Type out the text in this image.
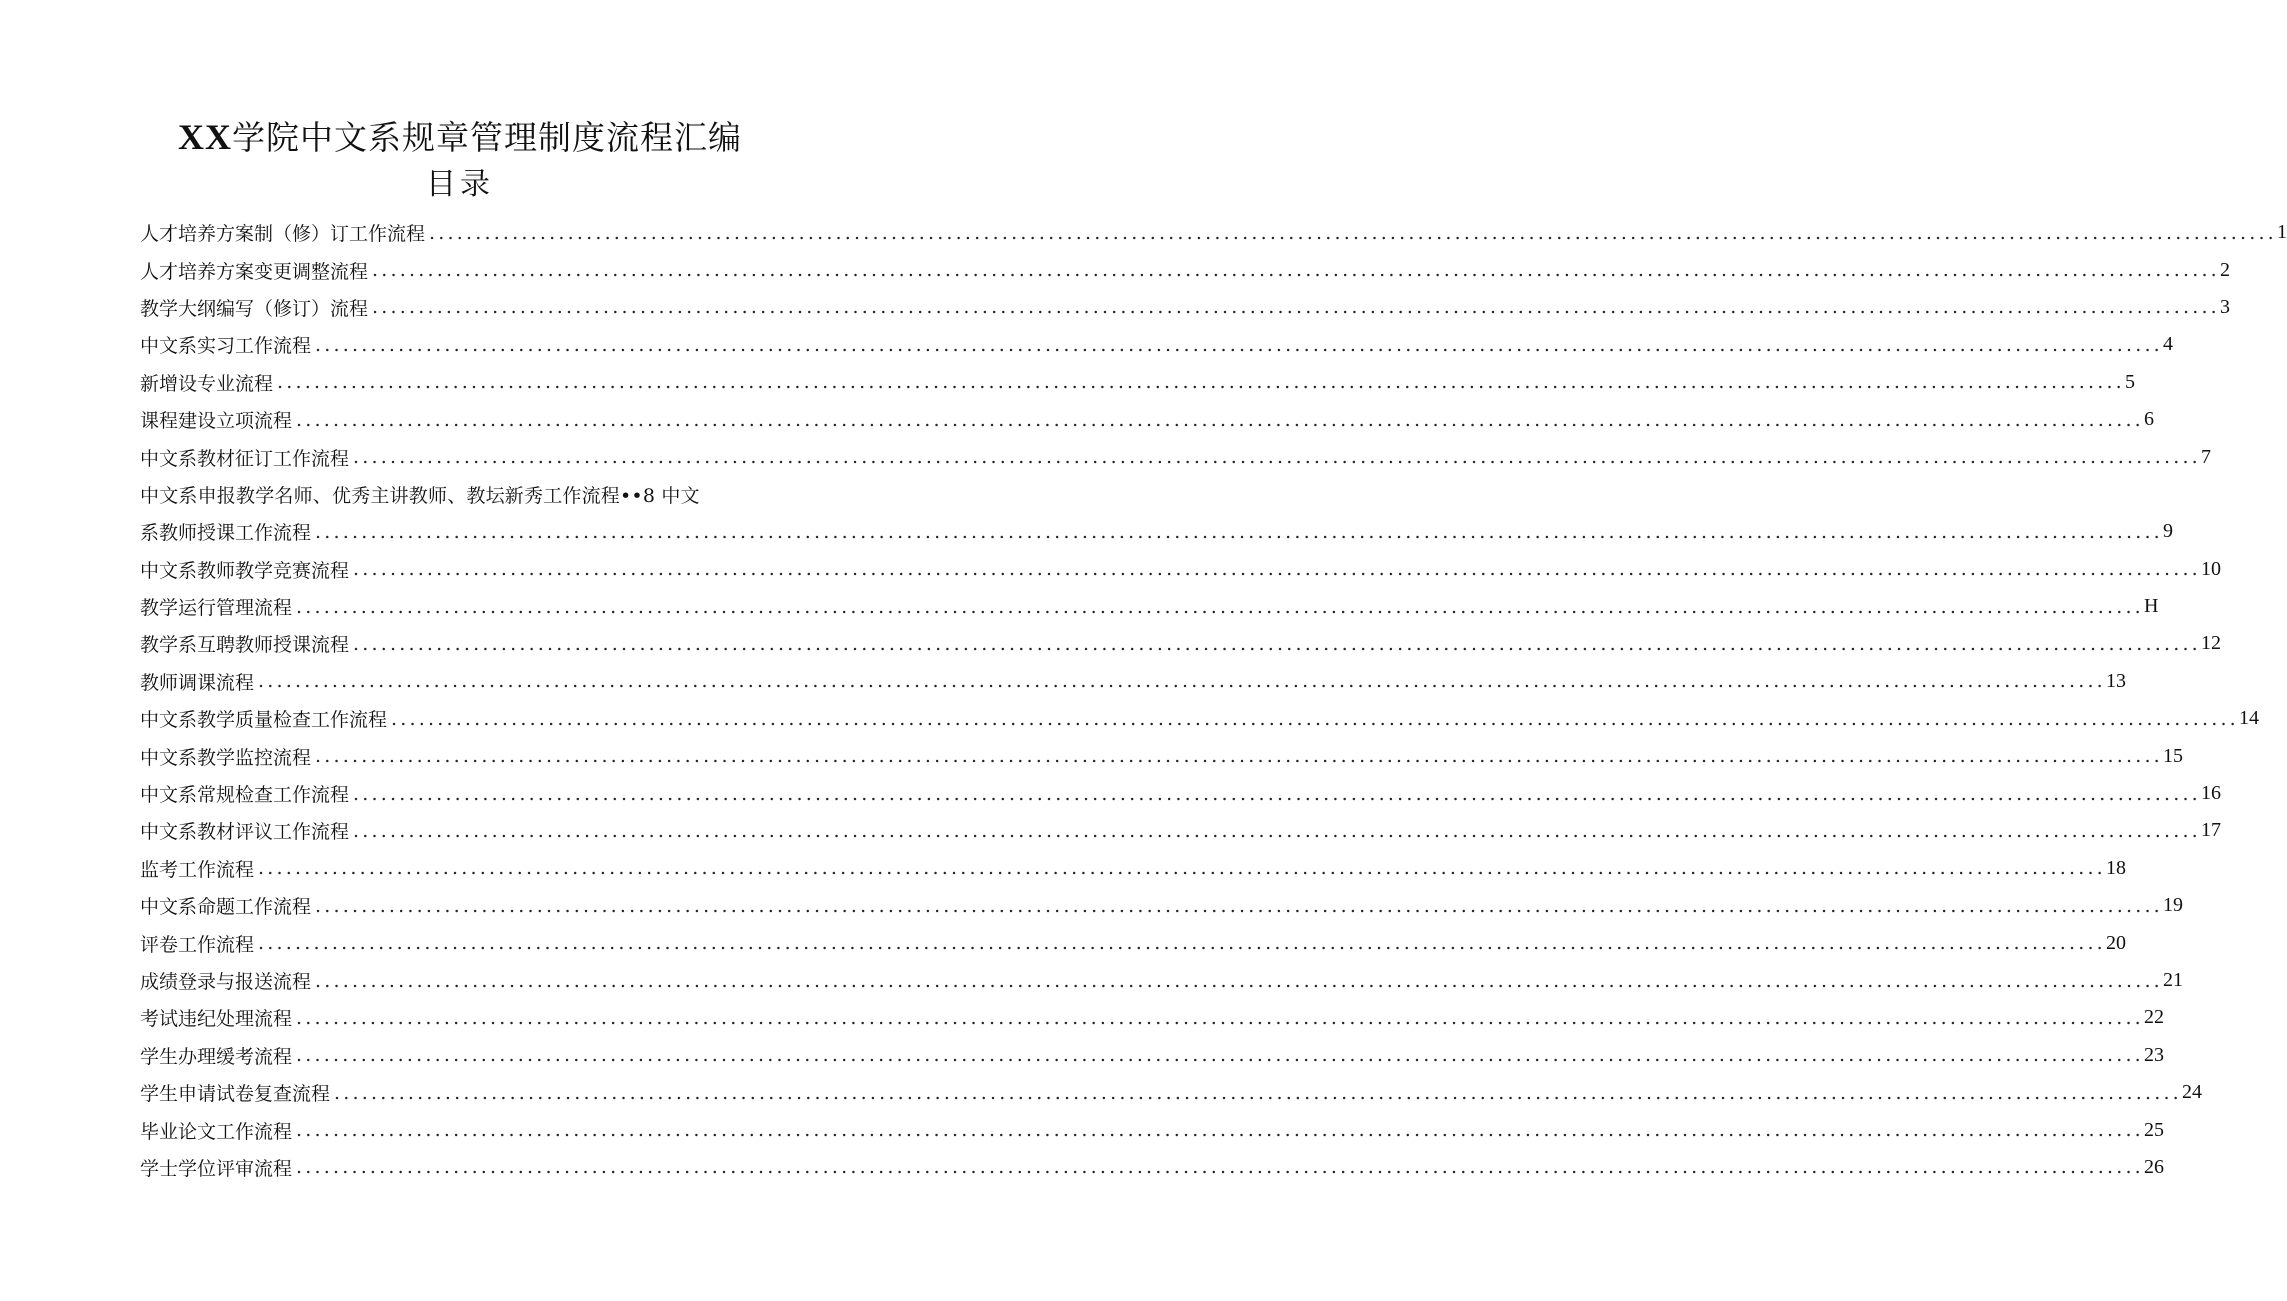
XX学院中文系规章管理制度流程汇编
目录
人才培养方案制（修）订工作流程 ........................................................................................................................................................................................................ 1
人才培养方案变更调整流程 ........................................................................................................................................................................................................ 2
教学大纲编写（修订）流程 ........................................................................................................................................................................................................ 3
中文系实习工作流程 ........................................................................................................................................................................................................ 4
新增设专业流程 ........................................................................................................................................................................................................ 5
课程建设立项流程 ........................................................................................................................................................................................................ 6
中文系教材征订工作流程 ........................................................................................................................................................................................................ 7
中文系申报教学名师、优秀主讲教师、教坛新秀工作流程••8 中文
系教师授课工作流程 ........................................................................................................................................................................................................ 9
中文系教师教学竞赛流程 ........................................................................................................................................................................................................ 10
教学运行管理流程 ........................................................................................................................................................................................................ H
教学系互聘教师授课流程 ........................................................................................................................................................................................................ 12
教师调课流程 ........................................................................................................................................................................................................ 13
中文系教学质量检查工作流程 ........................................................................................................................................................................................................ 14
中文系教学监控流程 ........................................................................................................................................................................................................ 15
中文系常规检查工作流程 ........................................................................................................................................................................................................ 16
中文系教材评议工作流程 ........................................................................................................................................................................................................ 17
监考工作流程 ........................................................................................................................................................................................................ 18
中文系命题工作流程 ........................................................................................................................................................................................................ 19
评卷工作流程 ........................................................................................................................................................................................................ 20
成绩登录与报送流程 ........................................................................................................................................................................................................ 21
考试违纪处理流程 ........................................................................................................................................................................................................ 22
学生办理缓考流程 ........................................................................................................................................................................................................ 23
学生申请试卷复查流程 ........................................................................................................................................................................................................ 24
毕业论文工作流程 ........................................................................................................................................................................................................ 25
学士学位评审流程 ........................................................................................................................................................................................................ 26
